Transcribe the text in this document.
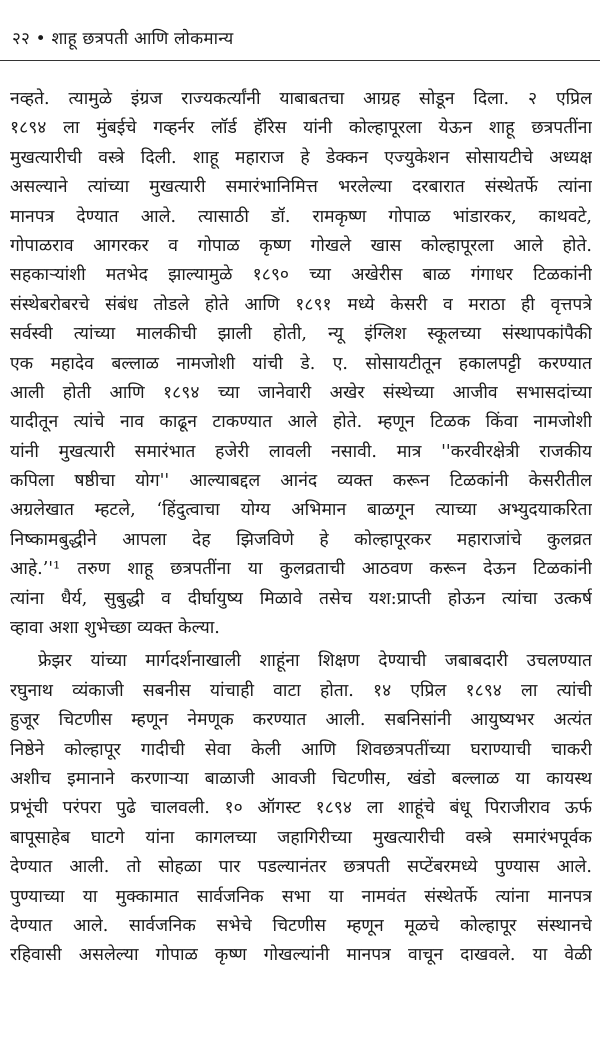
२२ • शाहू छत्रपती आणि लोकमान्य
नव्हते. त्यामुळे इंग्रज राज्यकर्त्यांनी याबाबतचा आग्रह सोडून दिला. २ एप्रिल
१८९४ ला मुंबईचे गव्हर्नर लॉर्ड हॅरिस यांनी कोल्हापूरला येऊन शाहू छत्रपतींना
मुखत्यारीची वस्त्रे दिली. शाहू महाराज हे डेक्कन एज्युकेशन सोसायटीचे अध्यक्ष
असल्याने त्यांच्या मुखत्यारी समारंभानिमित्त भरलेल्या दरबारात संस्थेतर्फे त्यांना
मानपत्र देण्यात आले. त्यासाठी डॉ. रामकृष्ण गोपाळ भांडारकर, काथवटे,
गोपाळराव आगरकर व गोपाळ कृष्ण गोखले खास कोल्हापूरला आले होते.
सहकाऱ्यांशी मतभेद झाल्यामुळे १८९० च्या अखेरीस बाळ गंगाधर टिळकांनी
संस्थेबरोबरचे संबंध तोडले होते आणि १८९१ मध्ये केसरी व मराठा ही वृत्तपत्रे
सर्वस्वी त्यांच्या मालकीची झाली होती, न्यू इंग्लिश स्कूलच्या संस्थापकांपैकी
एक महादेव बल्लाळ नामजोशी यांची डे. ए. सोसायटीतून हकालपट्टी करण्यात
आली होती आणि १८९४ च्या जानेवारी अखेर संस्थेच्या आजीव सभासदांच्या
यादीतून त्यांचे नाव काढून टाकण्यात आले होते. म्हणून टिळक किंवा नामजोशी
यांनी मुखत्यारी समारंभात हजेरी लावली नसावी. मात्र ''करवीरक्षेत्री राजकीय
कपिला षष्ठीचा योग'' आल्याबद्दल आनंद व्यक्त करून टिळकांनी केसरीतील
अग्रलेखात म्हटले, ‘हिंदुत्वाचा योग्य अभिमान बाळगून त्याच्या अभ्युदयाकरिता
निष्कामबुद्धीने आपला देह झिजविणे हे कोल्हापूरकर महाराजांचे कुलव्रत
आहे.’'¹ तरुण शाहू छत्रपतींना या कुलव्रताची आठवण करून देऊन टिळकांनी
त्यांना धैर्य, सुबुद्धी व दीर्घायुष्य मिळावे तसेच यश:प्राप्ती होऊन त्यांचा उत्कर्ष
व्हावा अशा शुभेच्छा व्यक्त केल्या.
फ्रेझर यांच्या मार्गदर्शनाखाली शाहूंना शिक्षण देण्याची जबाबदारी उचलण्यात
रघुनाथ व्यंकाजी सबनीस यांचाही वाटा होता. १४ एप्रिल १८९४ ला त्यांची
हुजूर चिटणीस म्हणून नेमणूक करण्यात आली. सबनिसांनी आयुष्यभर अत्यंत
निष्ठेने कोल्हापूर गादीची सेवा केली आणि शिवछत्रपतींच्या घराण्याची चाकरी
अशीच इमानाने करणाऱ्या बाळाजी आवजी चिटणीस, खंडो बल्लाळ या कायस्थ
प्रभूंची परंपरा पुढे चालवली. १० ऑगस्ट १८९४ ला शाहूंचे बंधू पिराजीराव ऊर्फ
बापूसाहेब घाटगे यांना कागलच्या जहागिरीच्या मुखत्यारीची वस्त्रे समारंभपूर्वक
देण्यात आली. तो सोहळा पार पडल्यानंतर छत्रपती सप्टेंबरमध्ये पुण्यास आले.
पुण्याच्या या मुक्कामात सार्वजनिक सभा या नामवंत संस्थेतर्फे त्यांना मानपत्र
देण्यात आले. सार्वजनिक सभेचे चिटणीस म्हणून मूळचे कोल्हापूर संस्थानचे
रहिवासी असलेल्या गोपाळ कृष्ण गोखल्यांनी मानपत्र वाचून दाखवले. या वेळी
